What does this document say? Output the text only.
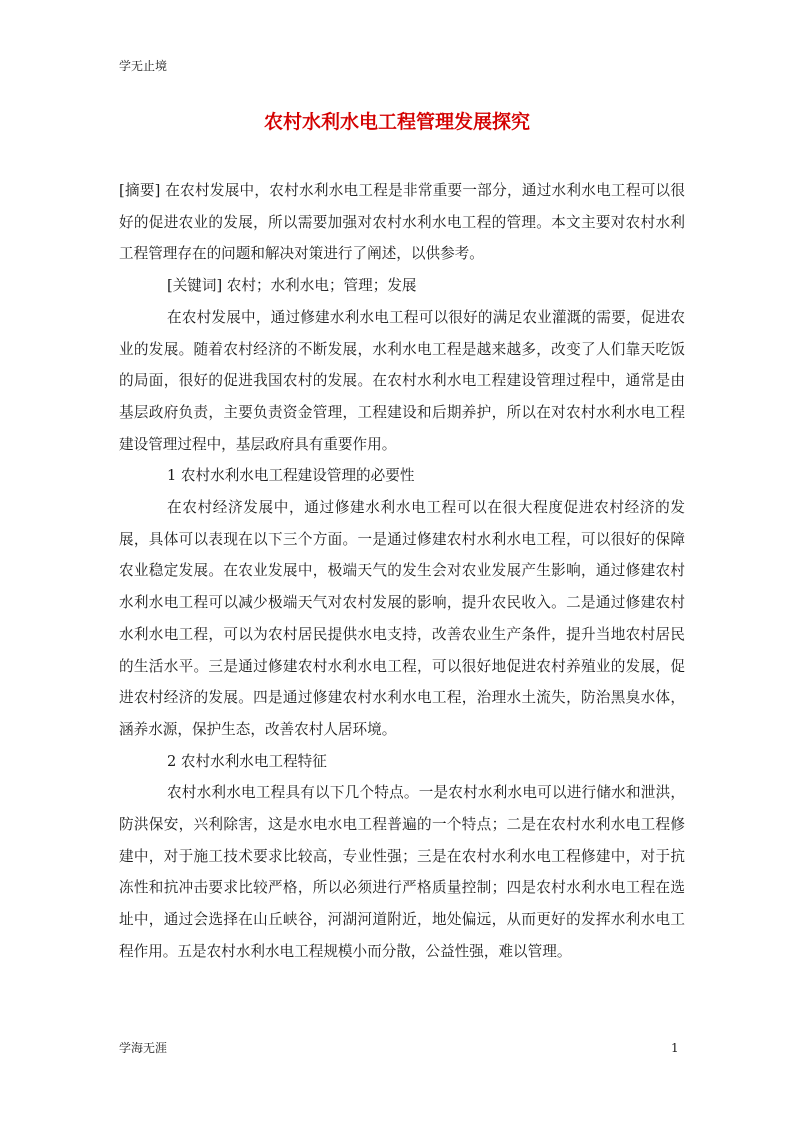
学无止境
农村水利水电工程管理发展探究

[摘要] 在农村发展中，农村水利水电工程是非常重要一部分，通过水利水电工程可以很好的促进农业的发展，所以需要加强对农村水利水电工程的管理。本文主要对农村水利工程管理存在的问题和解决对策进行了阐述，以供参考。

[关键词] 农村；水利水电；管理；发展

在农村发展中，通过修建水利水电工程可以很好的满足农业灌溉的需要，促进农业的发展。随着农村经济的不断发展，水利水电工程是越来越多，改变了人们靠天吃饭的局面，很好的促进我国农村的发展。在农村水利水电工程建设管理过程中，通常是由基层政府负责，主要负责资金管理，工程建设和后期养护，所以在对农村水利水电工程建设管理过程中，基层政府具有重要作用。

1 农村水利水电工程建设管理的必要性

在农村经济发展中，通过修建水利水电工程可以在很大程度促进农村经济的发展，具体可以表现在以下三个方面。一是通过修建农村水利水电工程，可以很好的保障农业稳定发展。在农业发展中，极端天气的发生会对农业发展产生影响，通过修建农村水利水电工程可以减少极端天气对农村发展的影响，提升农民收入。二是通过修建农村水利水电工程，可以为农村居民提供水电支持，改善农业生产条件，提升当地农村居民的生活水平。三是通过修建农村水利水电工程，可以很好地促进农村养殖业的发展，促进农村经济的发展。四是通过修建农村水利水电工程，治理水土流失，防治黑臭水体，涵养水源，保护生态，改善农村人居环境。

2 农村水利水电工程特征

农村水利水电工程具有以下几个特点。一是农村水利水电可以进行储水和泄洪，防洪保安，兴利除害，这是水电水电工程普遍的一个特点；二是在农村水利水电工程修建中，对于施工技术要求比较高，专业性强；三是在农村水利水电工程修建中，对于抗冻性和抗冲击要求比较严格，所以必须进行严格质量控制；四是农村水利水电工程在选址中，通过会选择在山丘峡谷，河湖河道附近，地处偏远，从而更好的发挥水利水电工程作用。五是农村水利水电工程规模小而分散，公益性强，难以管理。

学海无涯	1
